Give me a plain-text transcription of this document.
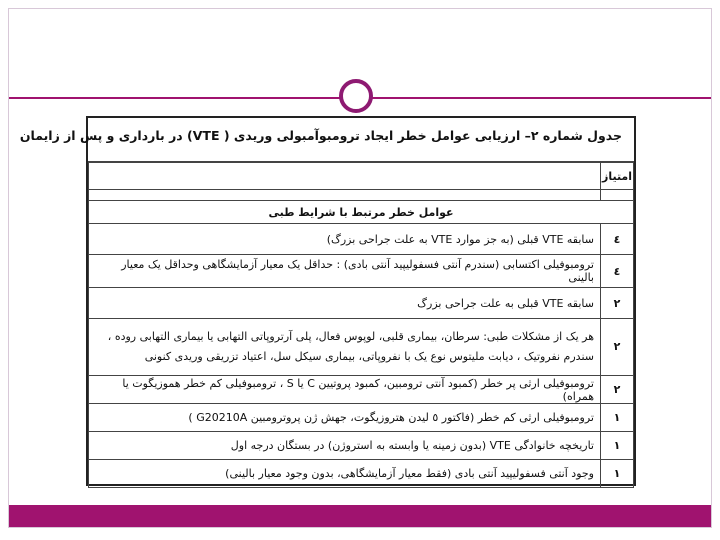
جدول شماره ۲– ارزیابی عوامل خطر ایجاد ترومبوآمبولی وریدی ( VTE) در بارداری و پس از زایمان
امتیاز	

عوامل خطر مرتبط با شرایط طبی	
٤	سابقه VTE قبلی (به جز موارد VTE به علت جراحی بزرگ)
٤	ترومبوفیلی اکتسابی (سندرم آنتی فسفولیپید آنتی بادی) : حداقل یک معیار آزمایشگاهی وحداقل یک معیار بالینی
۲	سابقه VTE قبلی به علت جراحی بزرگ
۲	هر یک از مشکلات طبی: سرطان، بیماری قلبی، لوپوس فعال، پلی آرتروپاتی التهابی یا بیماری التهابی روده ، سندرم نفروتیک ، دیابت ملیتوس نوع یک با نفروپاتی، بیماری سیکل سل، اعتیاد تزریقی وریدی کنونی
۲	ترومبوفیلی ارثی پر خطر (کمبود آنتی ترومبین، کمبود پروتیین C یا S ، ترومبوفیلی کم خطر هموزیگوت یا همراه)
١	ترومبوفیلی ارثی کم خطر (فاکتور ٥ لیدن هتروزیگوت، جهش ژن پروترومبین G20210A )
١	تاریخچه خانوادگی VTE (بدون زمینه یا وابسته به استروژن) در بستگان درجه اول
١	وجود آنتی فسفولیپید آنتی بادی (فقط معیار آزمایشگاهی، بدون وجود معیار بالینی)
